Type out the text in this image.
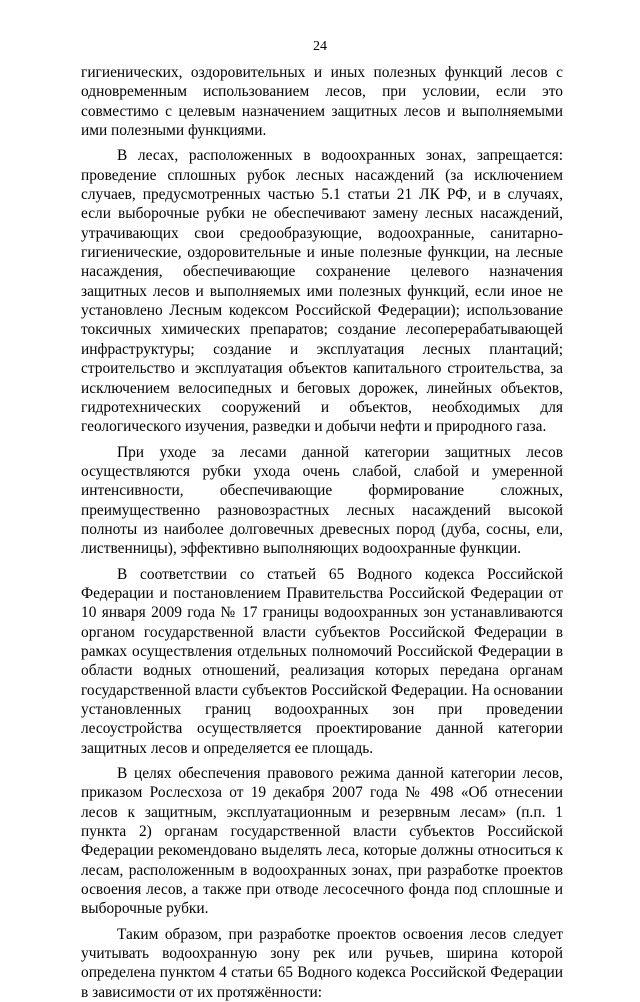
24

гигиенических, оздоровительных и иных полезных функций лесов с одновременным использованием лесов, при условии, если это совместимо с целевым назначением защитных лесов и выполняемыми ими полезными функциями.

В лесах, расположенных в водоохранных зонах, запрещается: проведение сплошных рубок лесных насаждений (за исключением случаев, предусмотренных частью 5.1 статьи 21 ЛК РФ, и в случаях, если выборочные рубки не обеспечивают замену лесных насаждений, утрачивающих свои средообразующие, водоохранные, санитарно-гигиенические, оздоровительные и иные полезные функции, на лесные насаждения, обеспечивающие сохранение целевого назначения защитных лесов и выполняемых ими полезных функций, если иное не установлено Лесным кодексом Российской Федерации); использование токсичных химических препаратов; создание лесоперерабатывающей инфраструктуры; создание и эксплуатация лесных плантаций; строительство и эксплуатация объектов капитального строительства, за исключением велосипедных и беговых дорожек, линейных объектов, гидротехнических сооружений и объектов, необходимых для геологического изучения, разведки и добычи нефти и природного газа.

При уходе за лесами данной категории защитных лесов осуществляются рубки ухода очень слабой, слабой и умеренной интенсивности, обеспечивающие формирование сложных, преимущественно разновозрастных лесных насаждений высокой полноты из наиболее долговечных древесных пород (дуба, сосны, ели, лиственницы), эффективно выполняющих водоохранные функции.

В соответствии со статьей 65 Водного кодекса Российской Федерации и постановлением Правительства Российской Федерации от 10 января 2009 года № 17 границы водоохранных зон устанавливаются органом государственной власти субъектов Российской Федерации в рамках осуществления отдельных полномочий Российской Федерации в области водных отношений, реализация которых передана органам государственной власти субъектов Российской Федерации. На основании установленных границ водоохранных зон при проведении лесоустройства осуществляется проектирование данной категории защитных лесов и определяется ее площадь.

В целях обеспечения правового режима данной категории лесов, приказом Рослесхоза от 19 декабря 2007 года № 498 «Об отнесении лесов к защитным, эксплуатационным и резервным лесам» (п.п. 1 пункта 2) органам государственной власти субъектов Российской Федерации рекомендовано выделять леса, которые должны относиться к лесам, расположенным в водоохранных зонах, при разработке проектов освоения лесов, а также при отводе лесосечного фонда под сплошные и выборочные рубки.

Таким образом, при разработке проектов освоения лесов следует учитывать водоохранную зону рек или ручьев, ширина которой определена пунктом 4 статьи 65 Водного кодекса Российской Федерации в зависимости от их протяжённости:
